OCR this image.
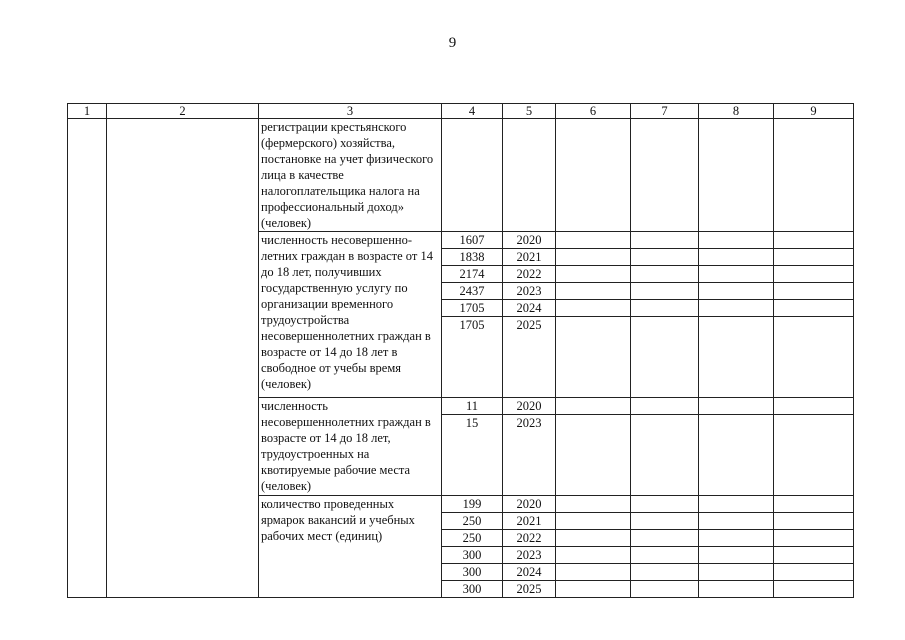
9
1	2	3	4	5	6	7	8	9
		регистрации крестьянского (фермерского) хозяйства, постановке на учет физического лица в качестве налогоплательщика налога на профессиональный доход» (человек)						
		численность несовершенно-летних граждан в возрасте от 14 до 18 лет, получивших государственную услугу по организации временного трудоустройства несовершеннолетних граждан в возрасте от 14 до 18 лет в свободное от учебы время (человек)	1607	2020				
			1838	2021				
			2174	2022				
			2437	2023				
			1705	2024				
			1705	2025				
		численность несовершеннолетних граждан в возрасте от 14 до 18 лет, трудоустроенных на квотируемые рабочие места (человек)	11	2020				
			15	2023				
		количество проведенных ярмарок вакансий и учебных рабочих мест (единиц)	199	2020				
			250	2021				
			250	2022				
			300	2023				
			300	2024				
			300	2025				
